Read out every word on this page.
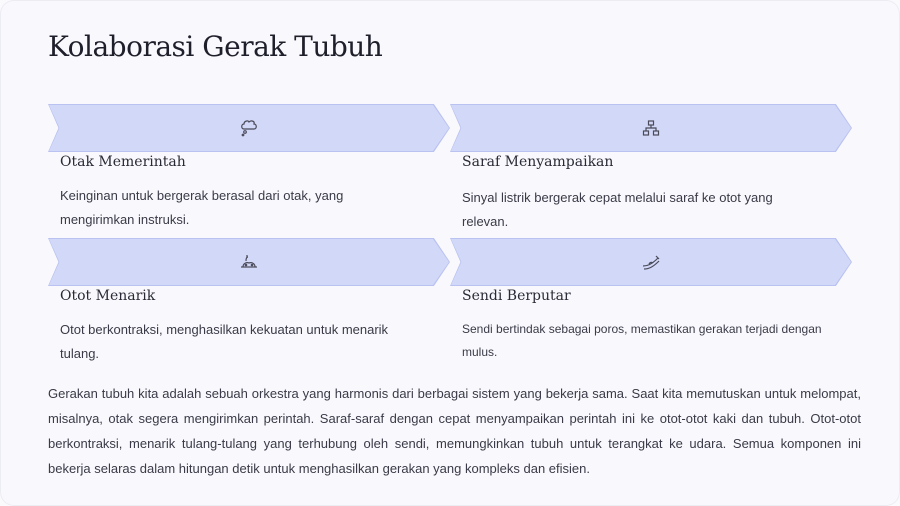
Kolaborasi Gerak Tubuh
Otak Memerintah
Keinginan untuk bergerak berasal dari otak, yang mengirimkan instruksi.
Saraf Menyampaikan
Sinyal listrik bergerak cepat melalui saraf ke otot yang relevan.
Otot Menarik
Otot berkontraksi, menghasilkan kekuatan untuk menarik tulang.
Sendi Berputar
Sendi bertindak sebagai poros, memastikan gerakan terjadi dengan mulus.

Gerakan tubuh kita adalah sebuah orkestra yang harmonis dari berbagai sistem yang bekerja sama. Saat kita memutuskan untuk melompat, misalnya, otak segera mengirimkan perintah. Saraf-saraf dengan cepat menyampaikan perintah ini ke otot-otot kaki dan tubuh. Otot-otot berkontraksi, menarik tulang-tulang yang terhubung oleh sendi, memungkinkan tubuh untuk terangkat ke udara. Semua komponen ini bekerja selaras dalam hitungan detik untuk menghasilkan gerakan yang kompleks dan efisien.
